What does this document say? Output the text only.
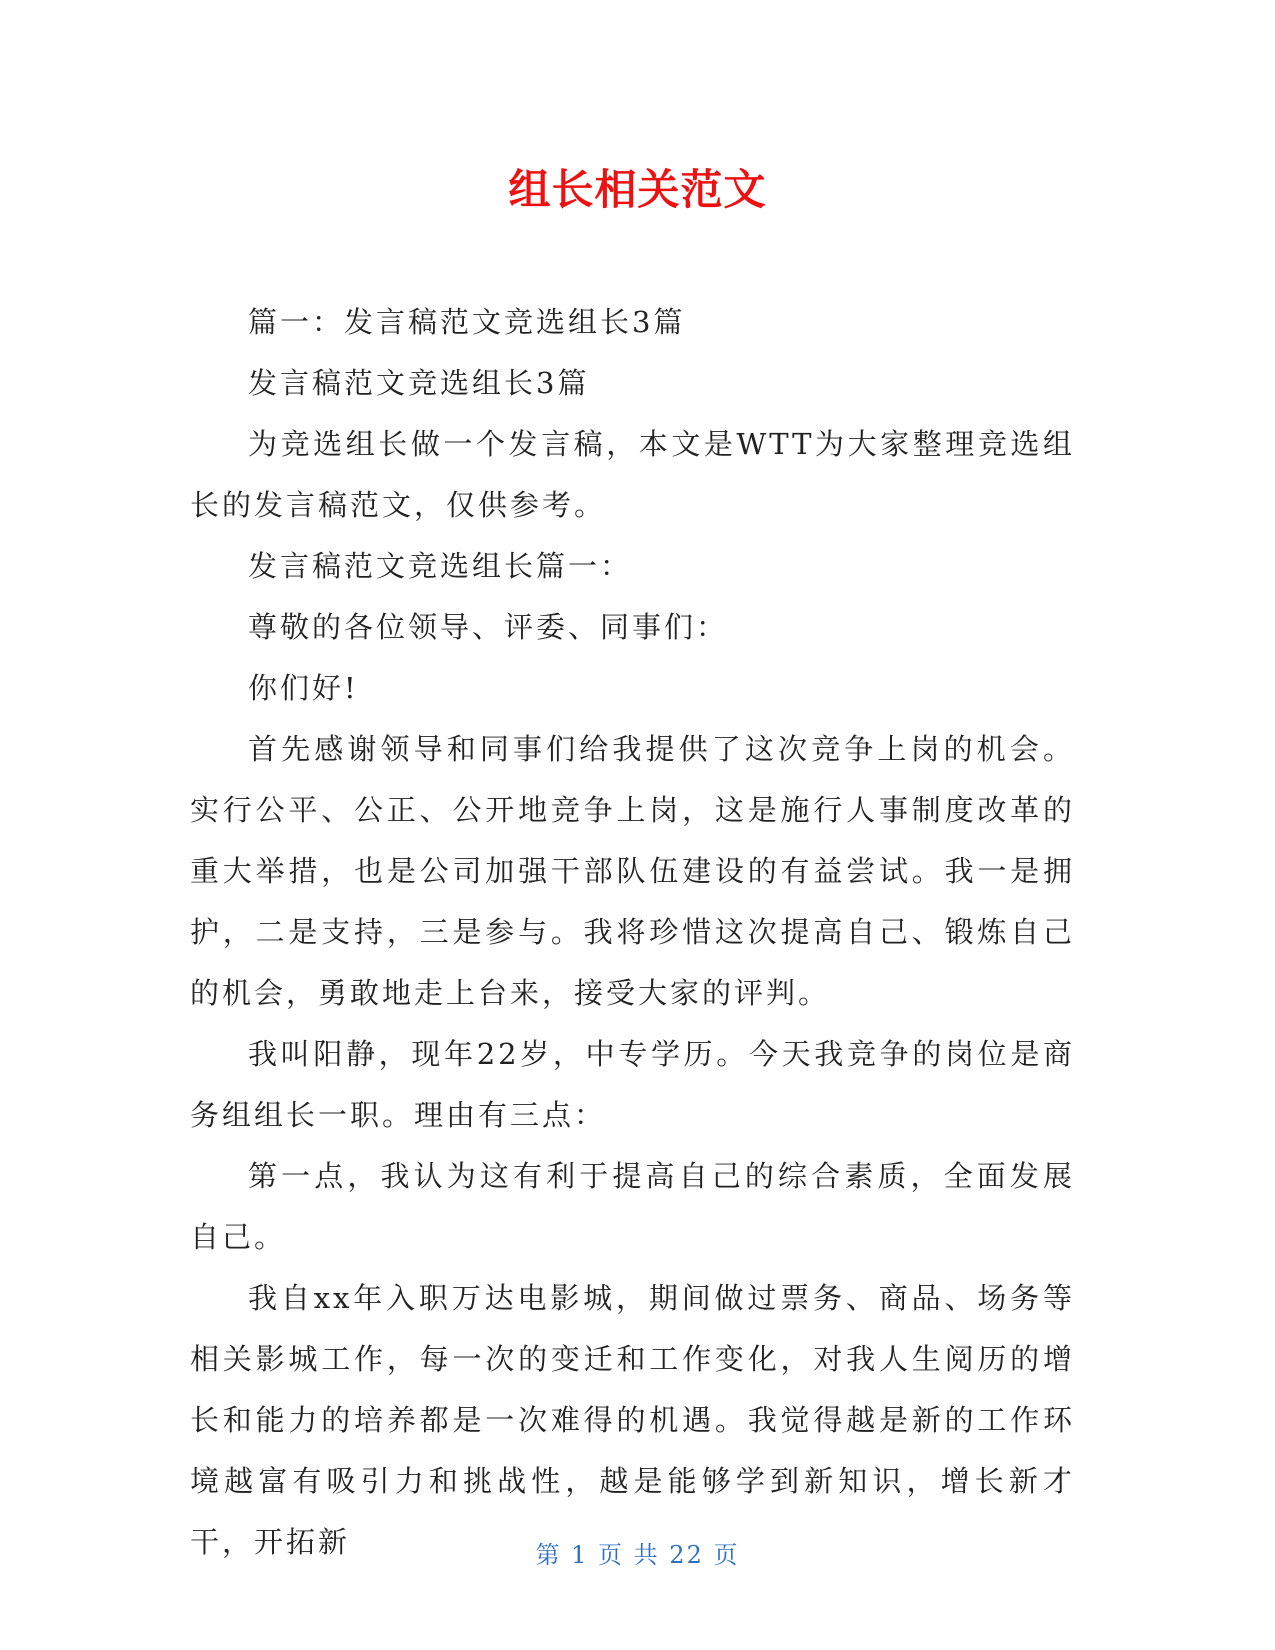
组长相关范文

篇一：发言稿范文竞选组长3篇

发言稿范文竞选组长3篇

为竞选组长做一个发言稿，本文是WTT为大家整理竞选组长的发言稿范文，仅供参考。

发言稿范文竞选组长篇一：

尊敬的各位领导、评委、同事们：

你们好!

首先感谢领导和同事们给我提供了这次竞争上岗的机会。实行公平、公正、公开地竞争上岗，这是施行人事制度改革的重大举措，也是公司加强干部队伍建设的有益尝试。我一是拥护，二是支持，三是参与。我将珍惜这次提高自己、锻炼自己的机会，勇敢地走上台来，接受大家的评判。

我叫阳静，现年22岁，中专学历。今天我竞争的岗位是商务组组长一职。理由有三点：

第一点，我认为这有利于提高自己的综合素质，全面发展自己。

我自xx年入职万达电影城，期间做过票务、商品、场务等相关影城工作，每一次的变迁和工作变化，对我人生阅历的增长和能力的培养都是一次难得的机遇。我觉得越是新的工作环境越富有吸引力和挑战性，越是能够学到新知识，增长新才干，开拓新	第 1 页 共 22 页
